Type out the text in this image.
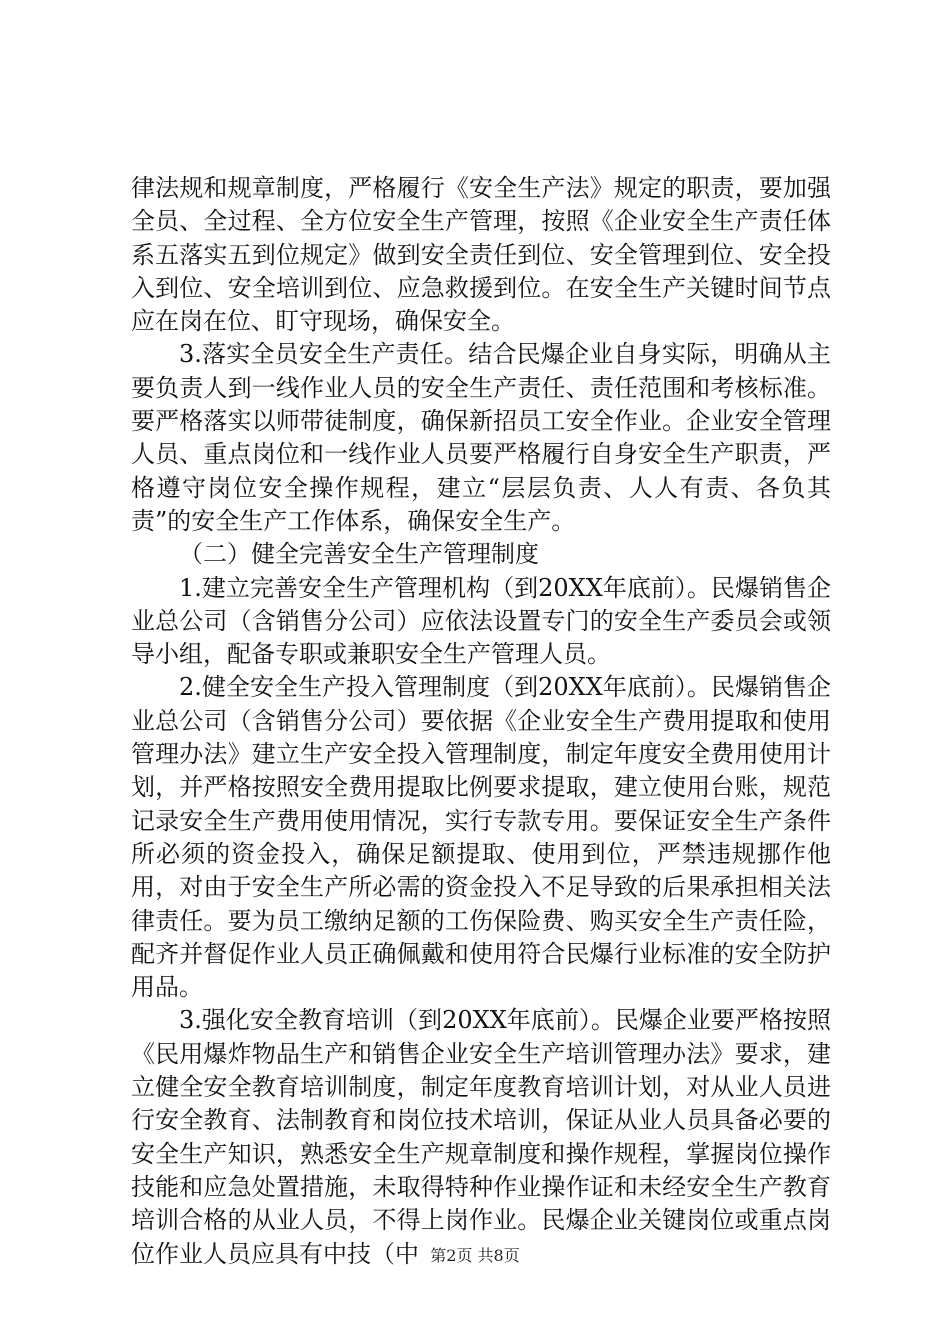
律法规和规章制度，严格履行《安全生产法》规定的职责，要加强全员、全过程、全方位安全生产管理，按照《企业安全生产责任体系五落实五到位规定》做到安全责任到位、安全管理到位、安全投入到位、安全培训到位、应急救援到位。在安全生产关键时间节点应在岗在位、盯守现场，确保安全。

3.落实全员安全生产责任。结合民爆企业自身实际，明确从主要负责人到一线作业人员的安全生产责任、责任范围和考核标准。要严格落实以师带徒制度，确保新招员工安全作业。企业安全管理人员、重点岗位和一线作业人员要严格履行自身安全生产职责，严格遵守岗位安全操作规程，建立“层层负责、人人有责、各负其责”的安全生产工作体系，确保安全生产。

（二）健全完善安全生产管理制度

1.建立完善安全生产管理机构（到20XX年底前）。民爆销售企业总公司（含销售分公司）应依法设置专门的安全生产委员会或领导小组，配备专职或兼职安全生产管理人员。

2.健全安全生产投入管理制度（到20XX年底前）。民爆销售企业总公司（含销售分公司）要依据《企业安全生产费用提取和使用管理办法》建立生产安全投入管理制度，制定年度安全费用使用计划，并严格按照安全费用提取比例要求提取，建立使用台账，规范记录安全生产费用使用情况，实行专款专用。要保证安全生产条件所必须的资金投入，确保足额提取、使用到位，严禁违规挪作他用，对由于安全生产所必需的资金投入不足导致的后果承担相关法律责任。要为员工缴纳足额的工伤保险费、购买安全生产责任险，配齐并督促作业人员正确佩戴和使用符合民爆行业标准的安全防护用品。

3.强化安全教育培训（到20XX年底前）。民爆企业要严格按照《民用爆炸物品生产和销售企业安全生产培训管理办法》要求，建立健全安全教育培训制度，制定年度教育培训计划，对从业人员进行安全教育、法制教育和岗位技术培训，保证从业人员具备必要的安全生产知识，熟悉安全生产规章制度和操作规程，掌握岗位操作技能和应急处置措施，未取得特种作业操作证和未经安全生产教育培训合格的从业人员，不得上岗作业。民爆企业关键岗位或重点岗位作业人员应具有中技（中 第2页 共8页
